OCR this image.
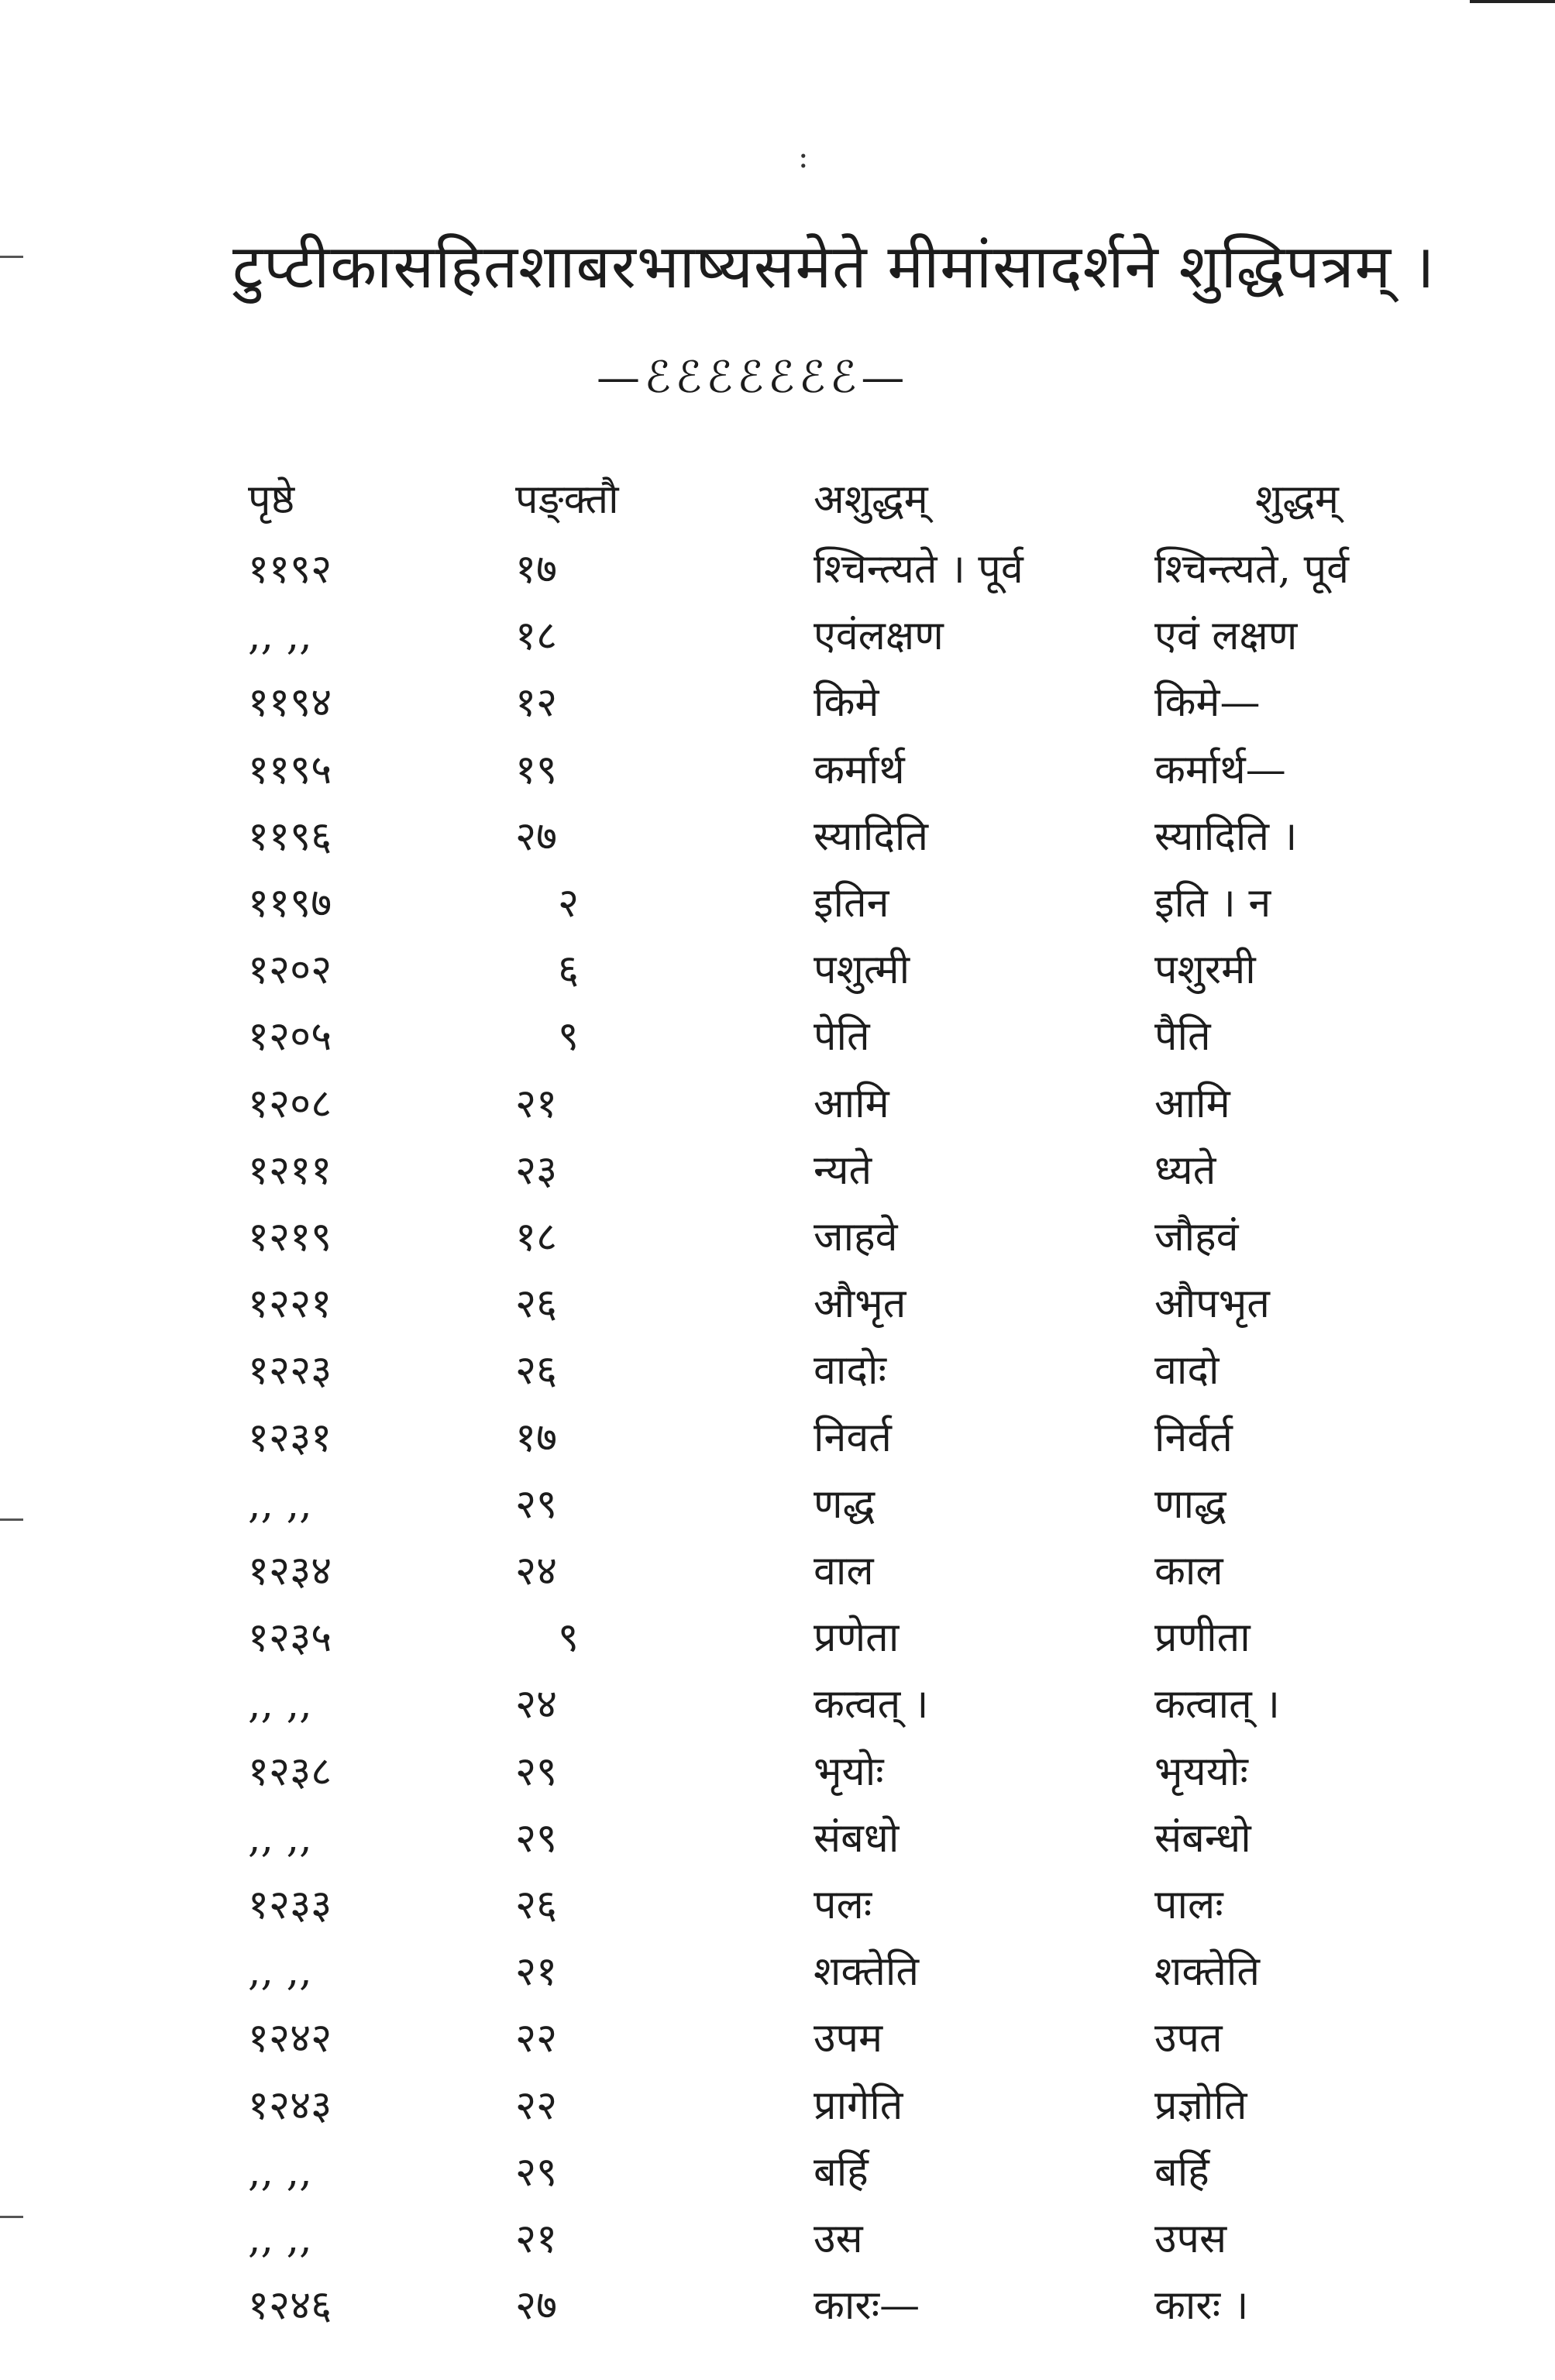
:
टुप्टीकासहितशाबरभाष्यसमेते मीमांसादर्शने शुद्धिपत्रम् ।
—ℰℰℰℰℰℰℰ—
पृष्ठे	पङ्क्तौ	अशुद्धम्	शुद्धम्
११९२	१७	श्चिन्त्यते । पूर्व	श्चिन्त्यते, पूर्व
,, ,,	१८	एवंलक्षण	एवं लक्षण
११९४	१२	किमे	किमे—
११९५	१९	कर्मार्थ	कर्मार्थ—
११९६	२७	स्यादिति	स्यादिति ।
११९७	२	इतिन	इति । न
१२०२	६	पशुत्मी	पशुरमी
१२०५	९	पेति	पैति
१२०८	२१	आमि	आमि
१२११	२३	न्यते	ध्यते
१२१९	१८	जाहवे	जौहवं
१२२१	२६	औभृत	औपभृत
१२२३	२६	वादोः	वादो
१२३१	१७	निवर्त	निर्वर्त
,, ,,	२९	णद्ध	णाद्ध
१२३४	२४	वाल	काल
१२३५	९	प्रणेता	प्रणीता
,, ,,	२४	कत्वत् ।	कत्वात् ।
१२३८	२९	भृयोः	भृययोः
,, ,,	२९	संबधो	संबन्धो
१२३३	२६	पलः	पालः
,, ,,	२१	शक्तेति	शक्तेति
१२४२	२२	उपम	उपत
१२४३	२२	प्रागेति	प्रज्ञोति
,, ,,	२९	बर्हि	बर्हि
,, ,,	२१	उस	उपस
१२४६	२७	कारः—	कारः ।
